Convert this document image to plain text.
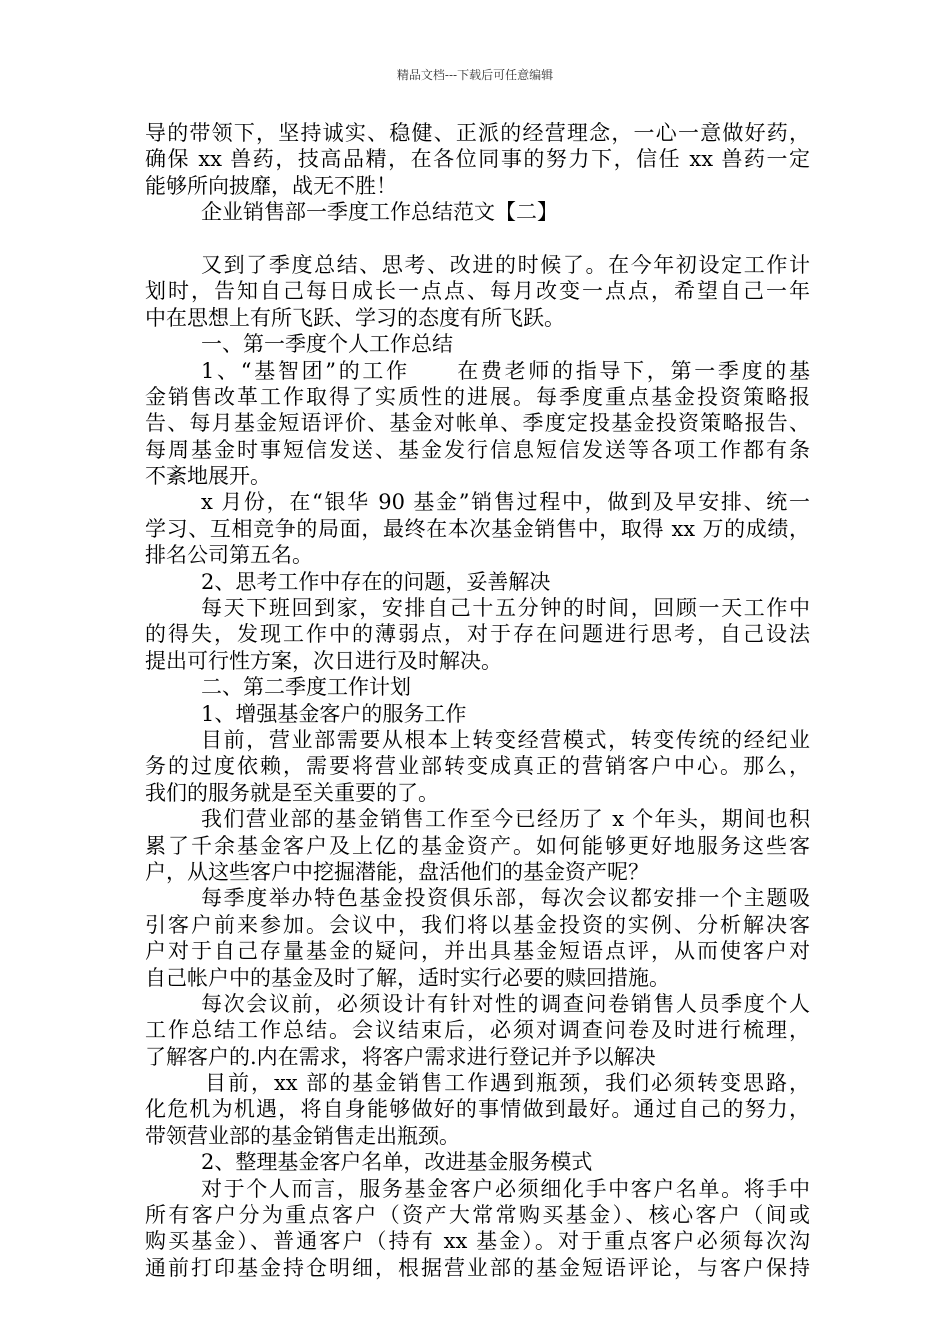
精品文档---下载后可任意编辑
导的带领下，坚持诚实、稳健、正派的经营理念，一心一意做好药，
确保 xx 兽药，技高品精，在各位同事的努力下，信任 xx 兽药一定
能够所向披靡，战无不胜！
企业销售部一季度工作总结范文【二】
又到了季度总结、思考、改进的时候了。在今年初设定工作计
划时，告知自己每日成长一点点、每月改变一点点，希望自己一年
中在思想上有所飞跃、学习的态度有所飞跃。
一、第一季度个人工作总结
1、“基智团”的工作　　在费老师的指导下，第一季度的基
金销售改革工作取得了实质性的进展。每季度重点基金投资策略报
告、每月基金短语评价、基金对帐单、季度定投基金投资策略报告、
每周基金时事短信发送、基金发行信息短信发送等各项工作都有条
不紊地展开。
x 月份，在“银华 90 基金”销售过程中，做到及早安排、统一
学习、互相竞争的局面，最终在本次基金销售中，取得 xx 万的成绩，
排名公司第五名。
2、思考工作中存在的问题，妥善解决
每天下班回到家，安排自己十五分钟的时间，回顾一天工作中
的得失，发现工作中的薄弱点，对于存在问题进行思考，自己设法
提出可行性方案，次日进行及时解决。
二、第二季度工作计划
1、增强基金客户的服务工作
目前，营业部需要从根本上转变经营模式，转变传统的经纪业
务的过度依赖，需要将营业部转变成真正的营销客户中心。那么，
我们的服务就是至关重要的了。
我们营业部的基金销售工作至今已经历了 x 个年头，期间也积
累了千余基金客户及上亿的基金资产。如何能够更好地服务这些客
户，从这些客户中挖掘潜能，盘活他们的基金资产呢？
每季度举办特色基金投资俱乐部，每次会议都安排一个主题吸
引客户前来参加。会议中，我们将以基金投资的实例、分析解决客
户对于自己存量基金的疑问，并出具基金短语点评，从而使客户对
自己帐户中的基金及时了解，适时实行必要的赎回措施。
每次会议前，必须设计有针对性的调查问卷销售人员季度个人
工作总结工作总结。会议结束后，必须对调查问卷及时进行梳理，
了解客户的.内在需求，将客户需求进行登记并予以解决
目前，xx 部的基金销售工作遇到瓶颈，我们必须转变思路，
化危机为机遇，将自身能够做好的事情做到最好。通过自己的努力，
带领营业部的基金销售走出瓶颈。
2、整理基金客户名单，改进基金服务模式
对于个人而言，服务基金客户必须细化手中客户名单。将手中
所有客户分为重点客户（资产大常常购买基金）、核心客户（间或
购买基金）、普通客户（持有 xx 基金）。对于重点客户必须每次沟
通前打印基金持仓明细，根据营业部的基金短语评论，与客户保持
